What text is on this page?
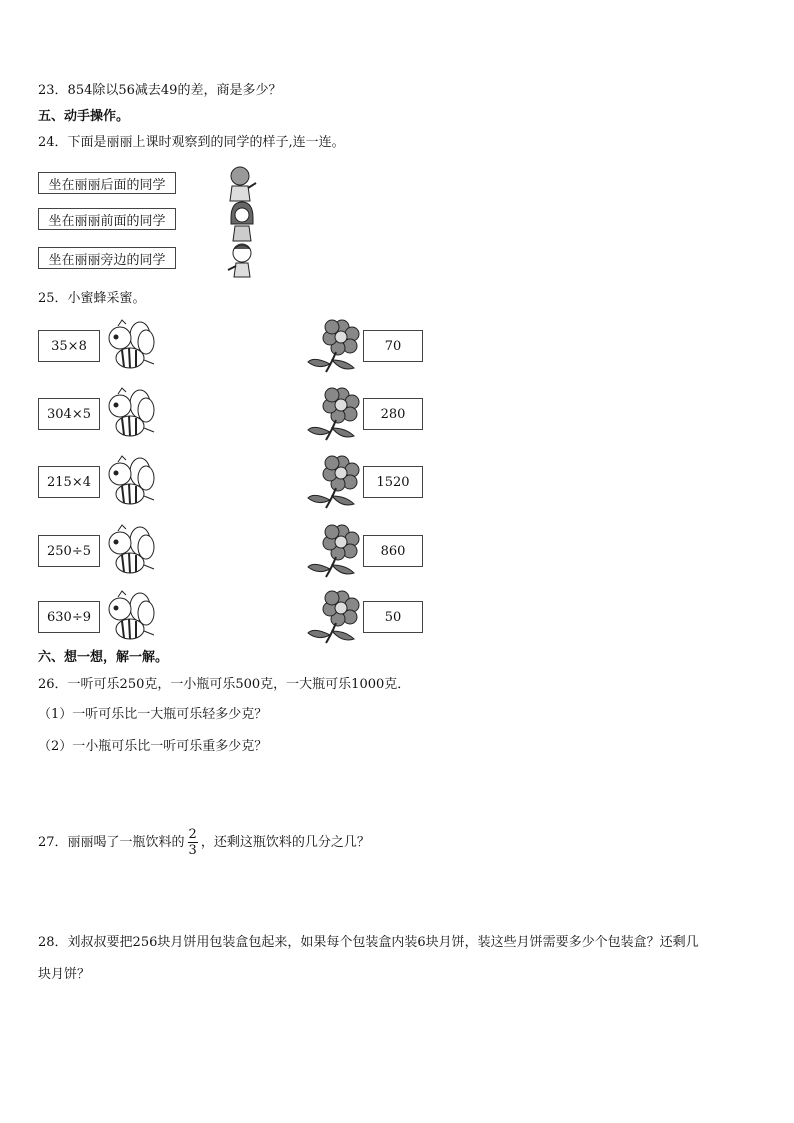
23．854除以56减去49的差，商是多少？
五、动手操作。
24．下面是丽丽上课时观察到的同学的样子,连一连。
坐在丽丽后面的同学
坐在丽丽前面的同学
坐在丽丽旁边的同学
25．小蜜蜂采蜜。
35×8
304×5
215×4
250÷5
630÷9
70
280
1520
860
50
六、想一想，解一解。
26．一听可乐250克，一小瓶可乐500克，一大瓶可乐1000克．
（1）一听可乐比一大瓶可乐轻多少克？
（2）一小瓶可乐比一听可乐重多少克？
27．丽丽喝了一瓶饮料的 $\frac{2}{3}$ ，还剩这瓶饮料的几分之几？
28．刘叔叔要把256块月饼用包装盒包起来，如果每个包装盒内装6块月饼，装这些月饼需要多少个包装盒？还剩几
块月饼？
